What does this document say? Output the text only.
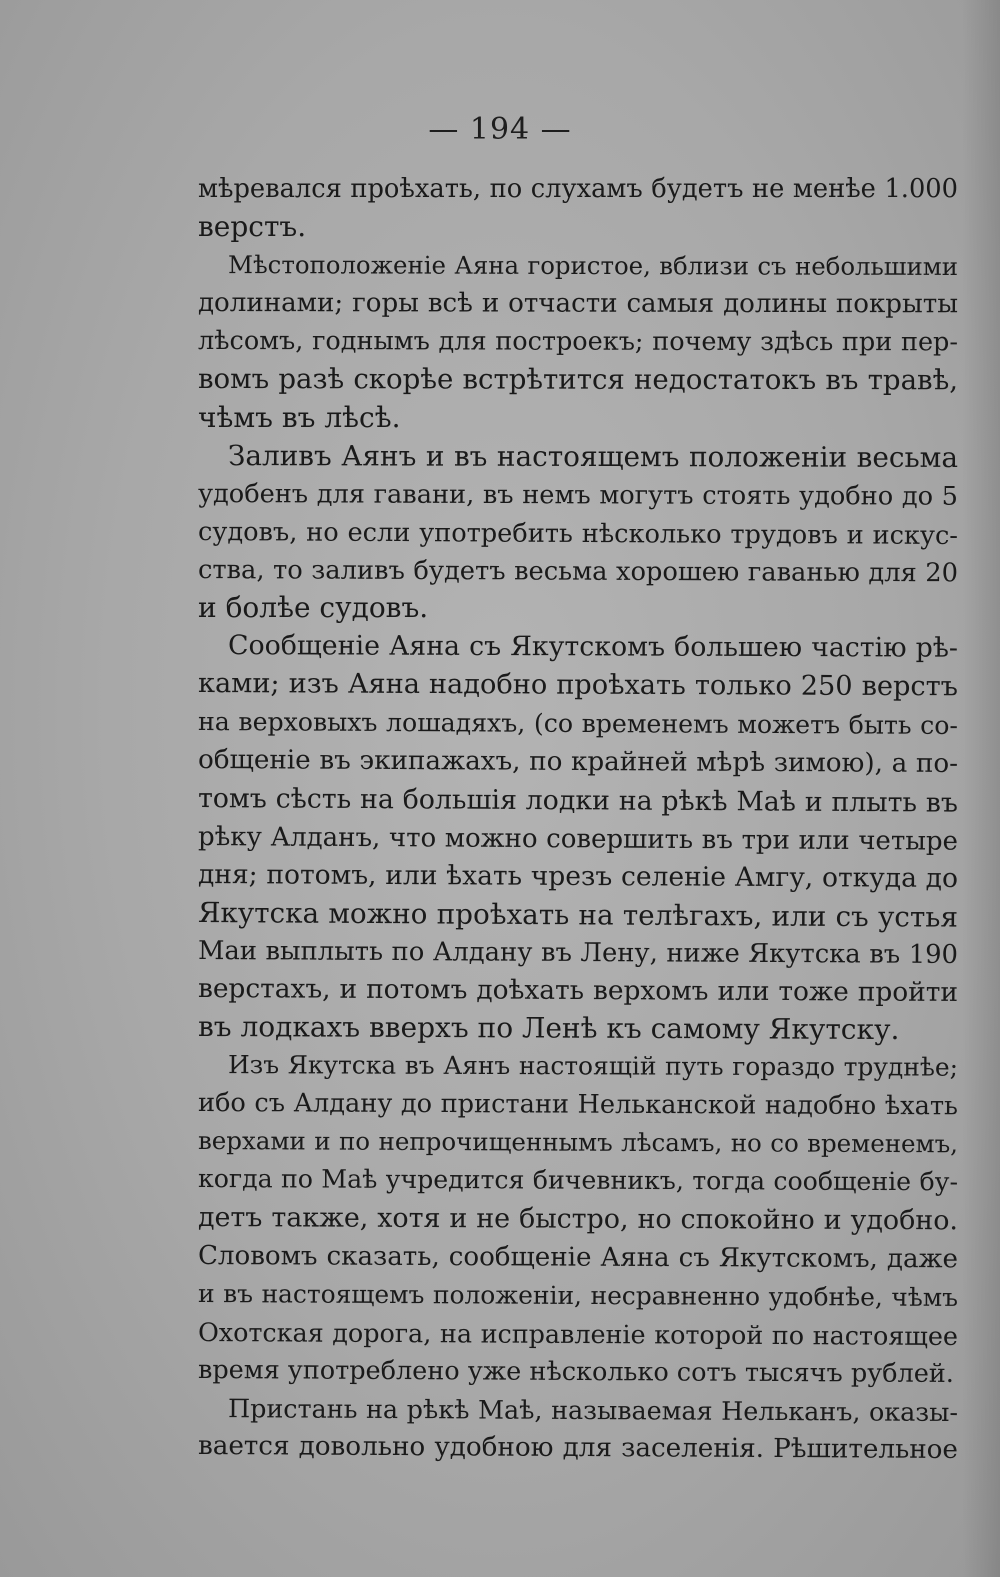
— 194 —
мѣревался проѣхать, по слухамъ будетъ не менѣе 1.000
верстъ.
Мѣстоположеніе Аяна гористое, вблизи съ небольшими
долинами; горы всѣ и отчасти самыя долины покрыты
лѣсомъ, годнымъ для построекъ; почему здѣсь при пер-
вомъ разѣ скорѣе встрѣтится недостатокъ въ травѣ,
чѣмъ въ лѣсѣ.
Заливъ Аянъ и въ настоящемъ положеніи весьма
удобенъ для гавани, въ немъ могутъ стоять удобно до 5
судовъ, но если употребить нѣсколько трудовъ и искус-
ства, то заливъ будетъ весьма хорошею гаванью для 20
и болѣе судовъ.
Сообщеніе Аяна съ Якутскомъ большею частію рѣ-
ками; изъ Аяна надобно проѣхать только 250 верстъ
на верховыхъ лошадяхъ, (со временемъ можетъ быть со-
общеніе въ экипажахъ, по крайней мѣрѣ зимою), а по-
томъ сѣсть на большія лодки на рѣкѣ Маѣ и плыть въ
рѣку Алданъ, что можно совершить въ три или четыре
дня; потомъ, или ѣхать чрезъ селеніе Амгу, откуда до
Якутска можно проѣхать на телѣгахъ, или съ устья
Маи выплыть по Алдану въ Лену, ниже Якутска въ 190
верстахъ, и потомъ доѣхать верхомъ или тоже пройти
въ лодкахъ вверхъ по Ленѣ къ самому Якутску.
Изъ Якутска въ Аянъ настоящій путь гораздо труднѣе;
ибо съ Алдану до пристани Нельканской надобно ѣхать
верхами и по непрочищеннымъ лѣсамъ, но со временемъ,
когда по Маѣ учредится бичевникъ, тогда сообщеніе бу-
детъ также, хотя и не быстро, но спокойно и удобно.
Словомъ сказать, сообщеніе Аяна съ Якутскомъ, даже
и въ настоящемъ положеніи, несравненно удобнѣе, чѣмъ
Охотская дорога, на исправленіе которой по настоящее
время употреблено уже нѣсколько сотъ тысячъ рублей.
Пристань на рѣкѣ Маѣ, называемая Нельканъ, оказы-
вается довольно удобною для заселенія. Рѣшительное
